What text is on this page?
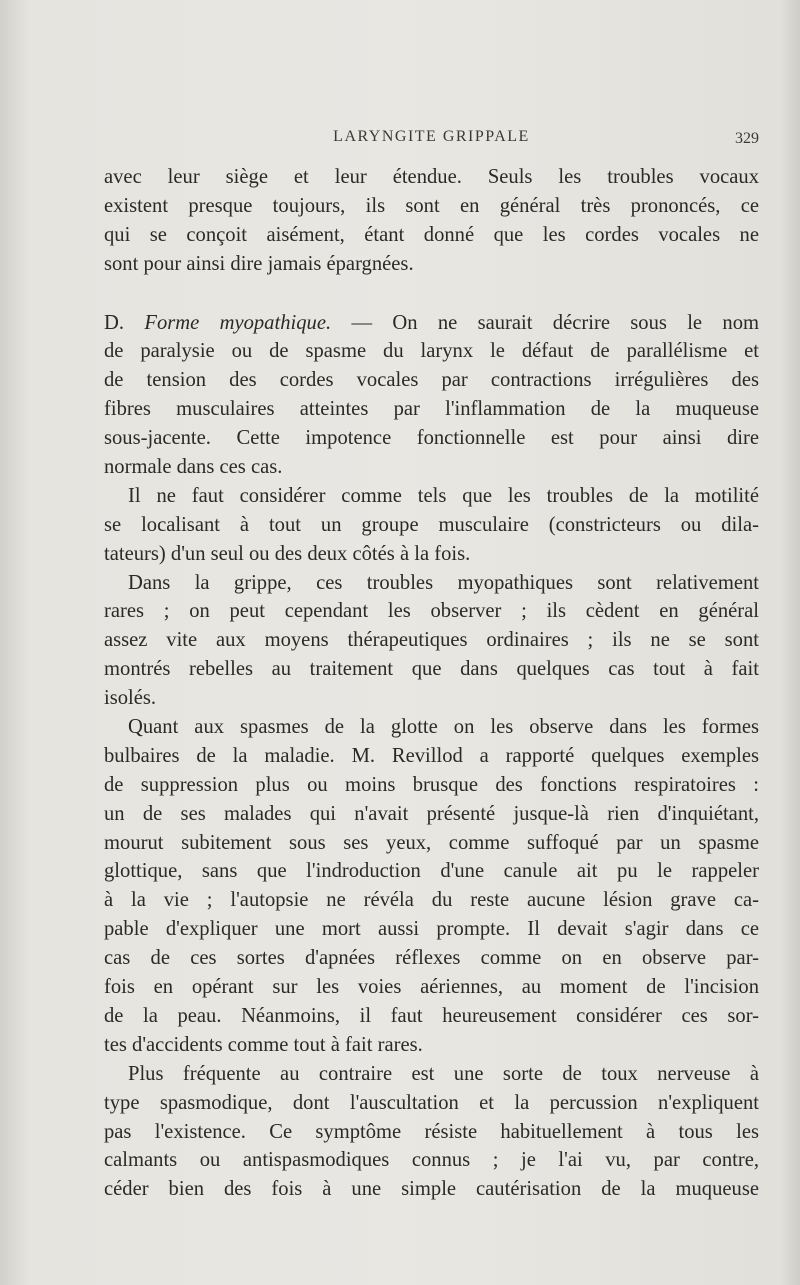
LARYNGITE GRIPPALE	329
avec leur siège et leur étendue. Seuls les troubles vocaux
existent presque toujours, ils sont en général très prononcés, ce
qui se conçoit aisément, étant donné que les cordes vocales ne
sont pour ainsi dire jamais épargnées.
D. Forme myopathique. — On ne saurait décrire sous le nom
de paralysie ou de spasme du larynx le défaut de parallélisme et
de tension des cordes vocales par contractions irrégulières des
fibres musculaires atteintes par l'inflammation de la muqueuse
sous-jacente. Cette impotence fonctionnelle est pour ainsi dire
normale dans ces cas.
Il ne faut considérer comme tels que les troubles de la motilité
se localisant à tout un groupe musculaire (constricteurs ou dila-
tateurs) d'un seul ou des deux côtés à la fois.
Dans la grippe, ces troubles myopathiques sont relativement
rares ; on peut cependant les observer ; ils cèdent en général
assez vite aux moyens thérapeutiques ordinaires ; ils ne se sont
montrés rebelles au traitement que dans quelques cas tout à fait
isolés.
Quant aux spasmes de la glotte on les observe dans les formes
bulbaires de la maladie. M. Revillod a rapporté quelques exemples
de suppression plus ou moins brusque des fonctions respiratoires :
un de ses malades qui n'avait présenté jusque-là rien d'inquiétant,
mourut subitement sous ses yeux, comme suffoqué par un spasme
glottique, sans que l'indroduction d'une canule ait pu le rappeler
à la vie ; l'autopsie ne révéla du reste aucune lésion grave ca-
pable d'expliquer une mort aussi prompte. Il devait s'agir dans ce
cas de ces sortes d'apnées réflexes comme on en observe par-
fois en opérant sur les voies aériennes, au moment de l'incision
de la peau. Néanmoins, il faut heureusement considérer ces sor-
tes d'accidents comme tout à fait rares.
Plus fréquente au contraire est une sorte de toux nerveuse à
type spasmodique, dont l'auscultation et la percussion n'expliquent
pas l'existence. Ce symptôme résiste habituellement à tous les
calmants ou antispasmodiques connus ; je l'ai vu, par contre,
céder bien des fois à une simple cautérisation de la muqueuse
